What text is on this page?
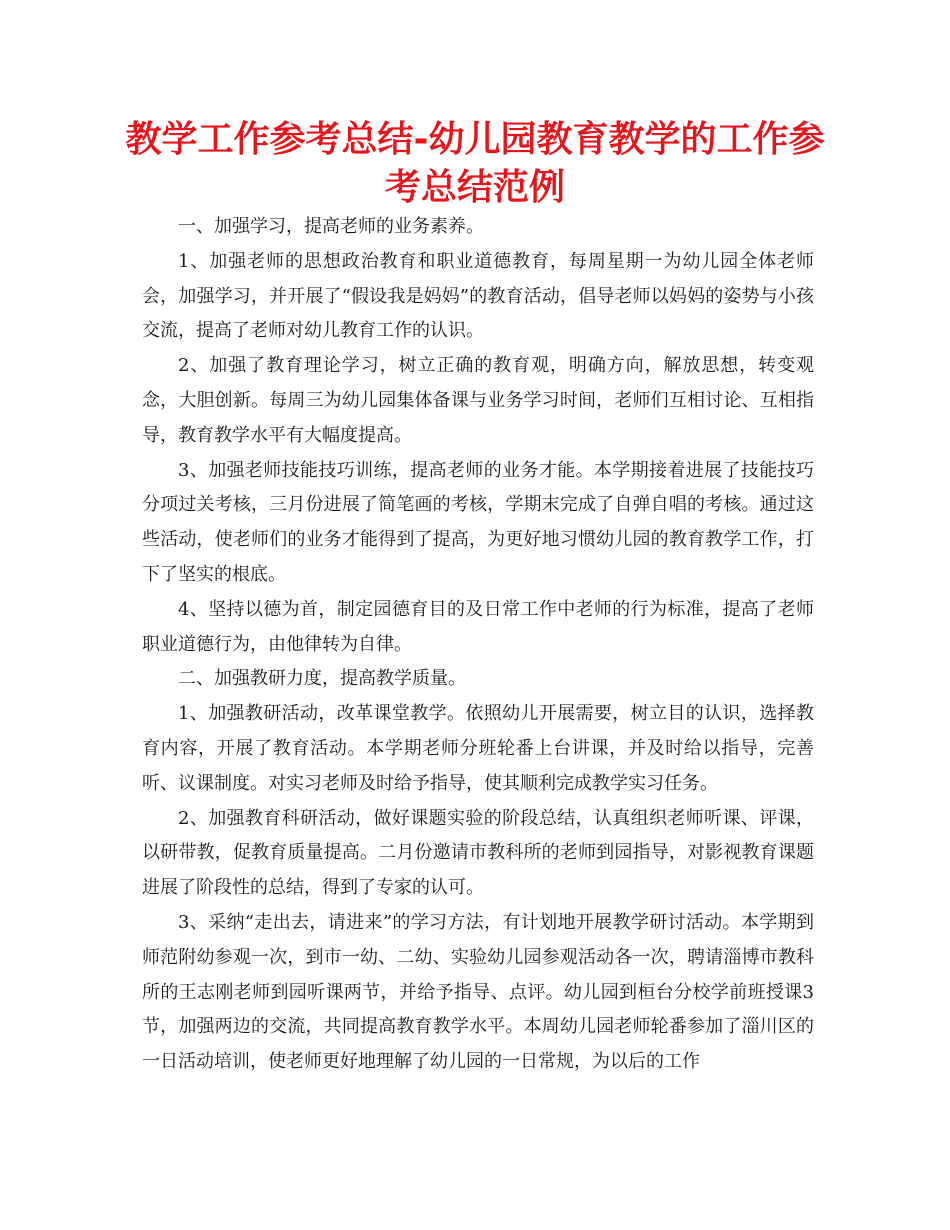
教学工作参考总结-幼儿园教育教学的工作参考总结范例

一、加强学习，提高老师的业务素养。

1、加强老师的思想政治教育和职业道德教育，每周星期一为幼儿园全体老师会，加强学习，并开展了“假设我是妈妈”的教育活动，倡导老师以妈妈的姿势与小孩交流，提高了老师对幼儿教育工作的认识。

2、加强了教育理论学习，树立正确的教育观，明确方向，解放思想，转变观念，大胆创新。每周三为幼儿园集体备课与业务学习时间，老师们互相讨论、互相指导，教育教学水平有大幅度提高。

3、加强老师技能技巧训练，提高老师的业务才能。本学期接着进展了技能技巧分项过关考核，三月份进展了简笔画的考核，学期末完成了自弹自唱的考核。通过这些活动，使老师们的业务才能得到了提高，为更好地习惯幼儿园的教育教学工作，打下了坚实的根底。

4、坚持以德为首，制定园德育目的及日常工作中老师的行为标准，提高了老师职业道德行为，由他律转为自律。

二、加强教研力度，提高教学质量。

1、加强教研活动，改革课堂教学。依照幼儿开展需要，树立目的认识，选择教育内容，开展了教育活动。本学期老师分班轮番上台讲课，并及时给以指导，完善听、议课制度。对实习老师及时给予指导，使其顺利完成教学实习任务。

2、加强教育科研活动，做好课题实验的阶段总结，认真组织老师听课、评课，以研带教，促教育质量提高。二月份邀请市教科所的老师到园指导，对影视教育课题进展了阶段性的总结，得到了专家的认可。

3、采纳“走出去，请进来”的学习方法，有计划地开展教学研讨活动。本学期到师范附幼参观一次，到市一幼、二幼、实验幼儿园参观活动各一次，聘请淄博市教科所的王志刚老师到园听课两节，并给予指导、点评。幼儿园到桓台分校学前班授课3节，加强两边的交流，共同提高教育教学水平。本周幼儿园老师轮番参加了淄川区的一日活动培训，使老师更好地理解了幼儿园的一日常规，为以后的工作
